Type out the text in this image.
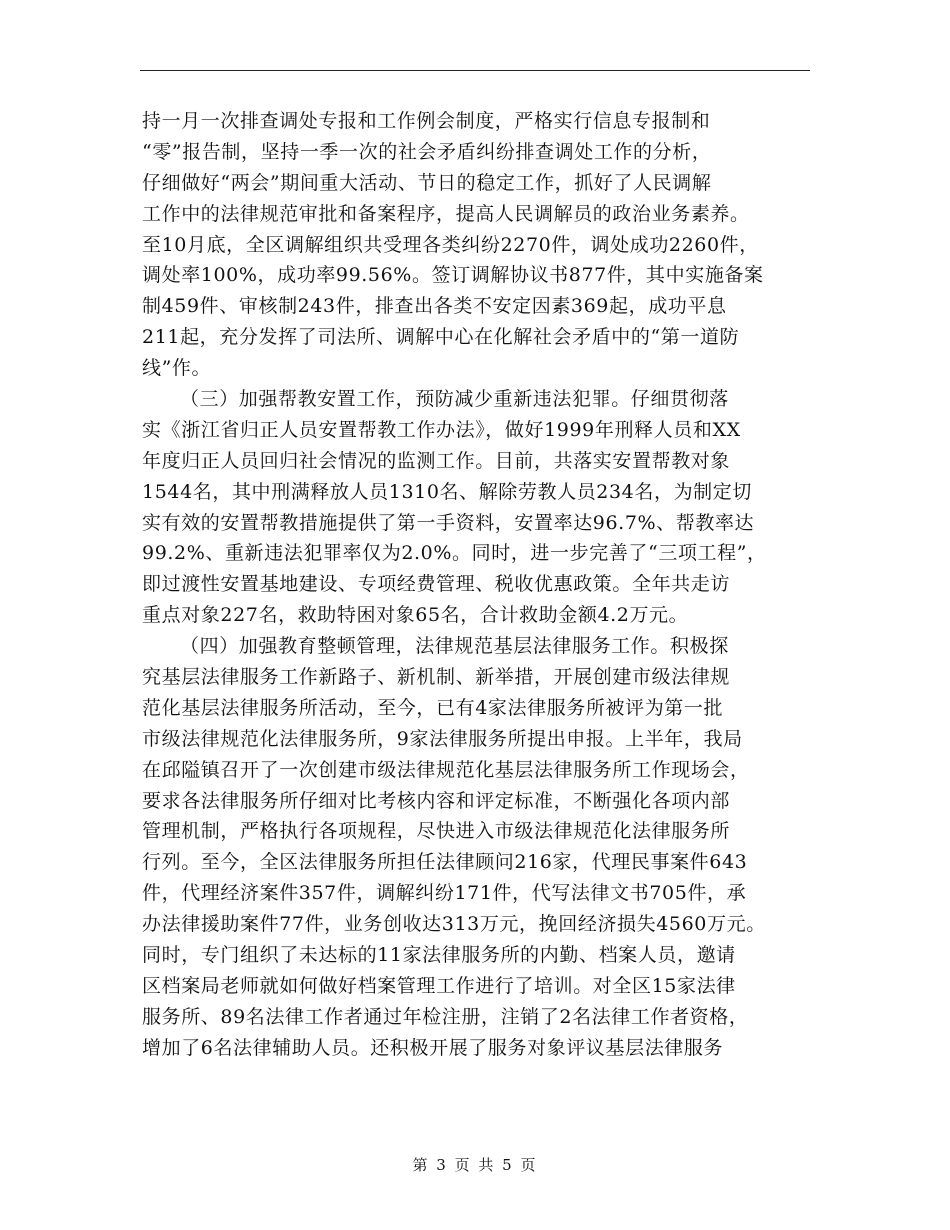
持一月一次排查调处专报和工作例会制度，严格实行信息专报制和
“零”报告制，坚持一季一次的社会矛盾纠纷排查调处工作的分析，
仔细做好“两会”期间重大活动、节日的稳定工作，抓好了人民调解
工作中的法律规范审批和备案程序，提高人民调解员的政治业务素养。
至10月底，全区调解组织共受理各类纠纷2270件，调处成功2260件，
调处率100%，成功率99.56%。签订调解协议书877件，其中实施备案
制459件、审核制243件，排查出各类不安定因素369起，成功平息
211起，充分发挥了司法所、调解中心在化解社会矛盾中的“第一道防
线”作。
（三）加强帮教安置工作，预防减少重新违法犯罪。仔细贯彻落
实《浙江省归正人员安置帮教工作办法》，做好1999年刑释人员和XX
年度归正人员回归社会情况的监测工作。目前，共落实安置帮教对象
1544名，其中刑满释放人员1310名、解除劳教人员234名，为制定切
实有效的安置帮教措施提供了第一手资料，安置率达96.7%、帮教率达
99.2%、重新违法犯罪率仅为2.0%。同时，进一步完善了“三项工程”，
即过渡性安置基地建设、专项经费管理、税收优惠政策。全年共走访
重点对象227名，救助特困对象65名，合计救助金额4.2万元。
（四）加强教育整顿管理，法律规范基层法律服务工作。积极探
究基层法律服务工作新路子、新机制、新举措，开展创建市级法律规
范化基层法律服务所活动，至今，已有4家法律服务所被评为第一批
市级法律规范化法律服务所，9家法律服务所提出申报。上半年，我局
在邱隘镇召开了一次创建市级法律规范化基层法律服务所工作现场会，
要求各法律服务所仔细对比考核内容和评定标准，不断强化各项内部
管理机制，严格执行各项规程，尽快进入市级法律规范化法律服务所
行列。至今，全区法律服务所担任法律顾问216家，代理民事案件643
件，代理经济案件357件，调解纠纷171件，代写法律文书705件，承
办法律援助案件77件，业务创收达313万元，挽回经济损失4560万元。
同时，专门组织了未达标的11家法律服务所的内勤、档案人员，邀请
区档案局老师就如何做好档案管理工作进行了培训。对全区15家法律
服务所、89名法律工作者通过年检注册，注销了2名法律工作者资格，
增加了6名法律辅助人员。还积极开展了服务对象评议基层法律服务
第 3 页 共 5 页
